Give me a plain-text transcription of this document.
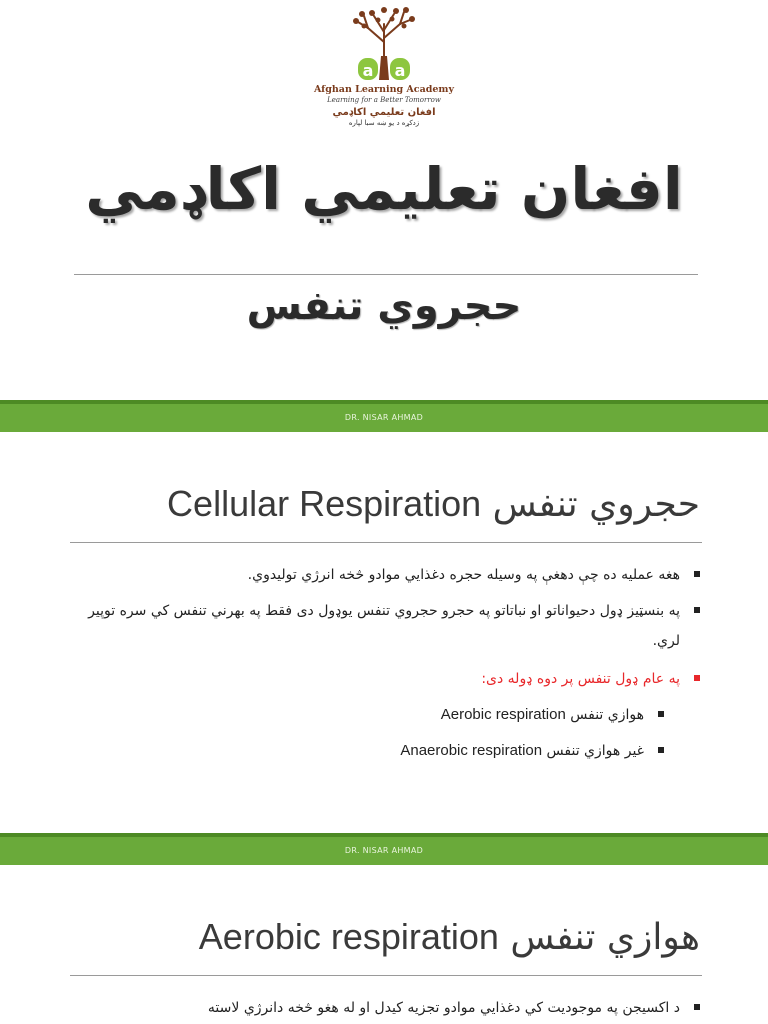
a a
Afghan Learning Academy
Learning for a Better Tomorrow
افغان تعليمي اکاډمي
زدکړه د يو ښه سبا لپاره
افغان تعليمي اکاډمي
حجروي تنفس
DR. NISAR AHMAD
حجروي تنفس Cellular Respiration
هغه عمليه ده چې دهغې په وسيله حجره دغذايي موادو څخه انرژي توليدوي.
په بنسټيز ډول دحيواناتو او نباتاتو په حجرو حجروي تنفس يوډول دى فقط په بهرني تنفس کي سره توپير لري.
په عام ډول تنفس پر دوه ډوله دى:
هوازي تنفس Aerobic respiration
غير هوازي تنفس Anaerobic respiration
DR. NISAR AHMAD
هوازي تنفس Aerobic respiration
د اکسيجن په موجوديت کي دغذايي موادو تجزيه کيدل او له هغو څخه دانرژي لاسته
